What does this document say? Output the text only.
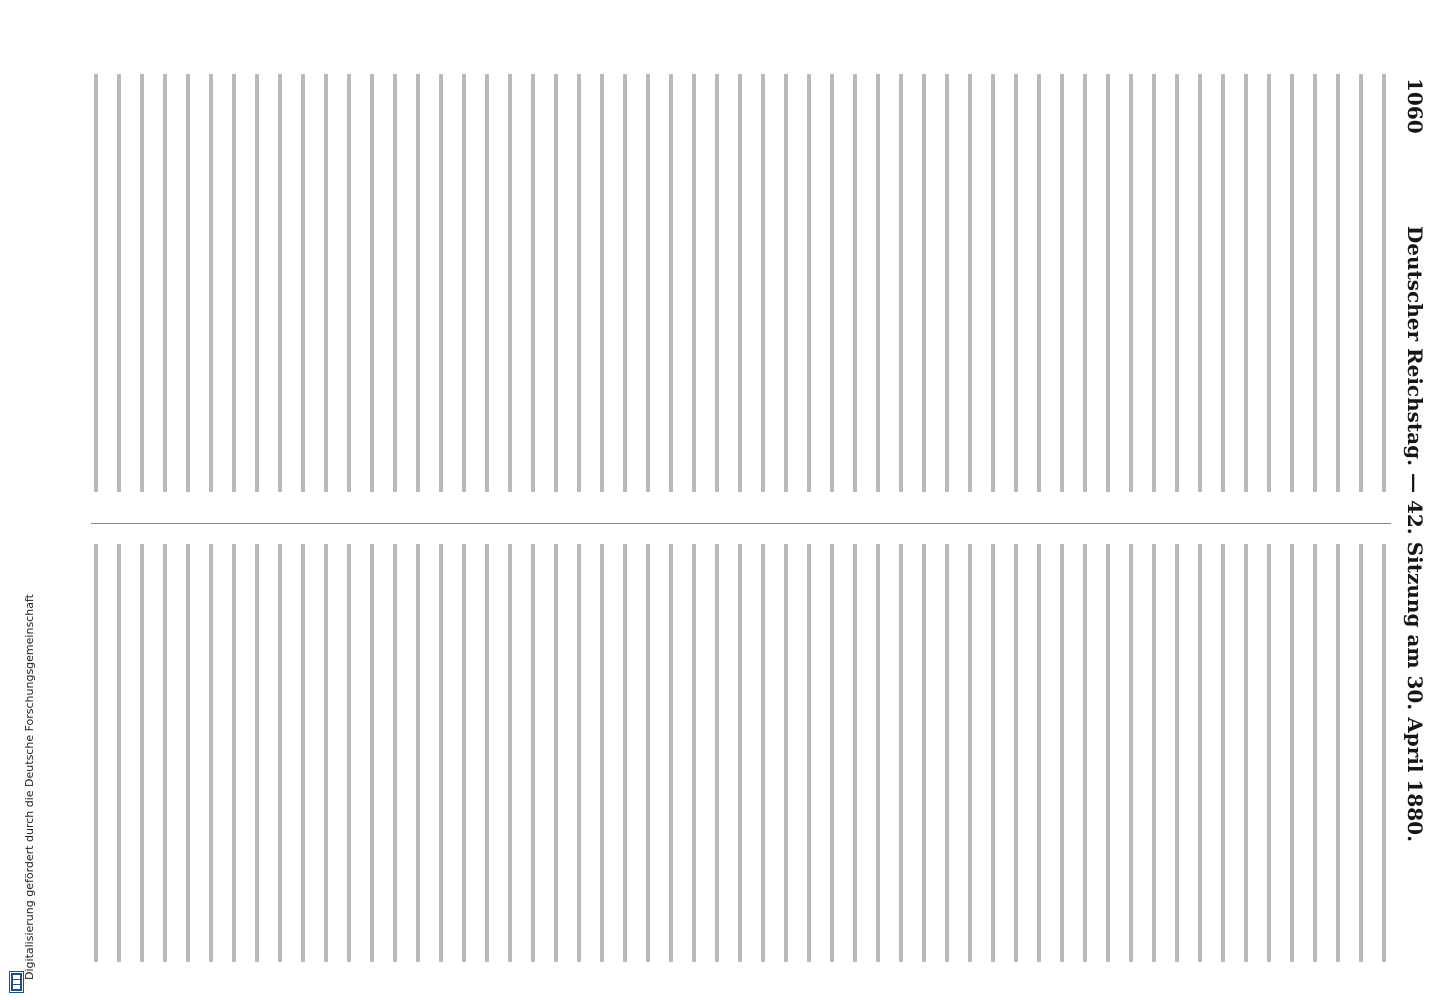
Deutscher Reichstag. — 42. Sitzung am 30. April 1880.
1060
Digitalisierung gefördert durch die Deutsche Forschungsgemeinschaft
